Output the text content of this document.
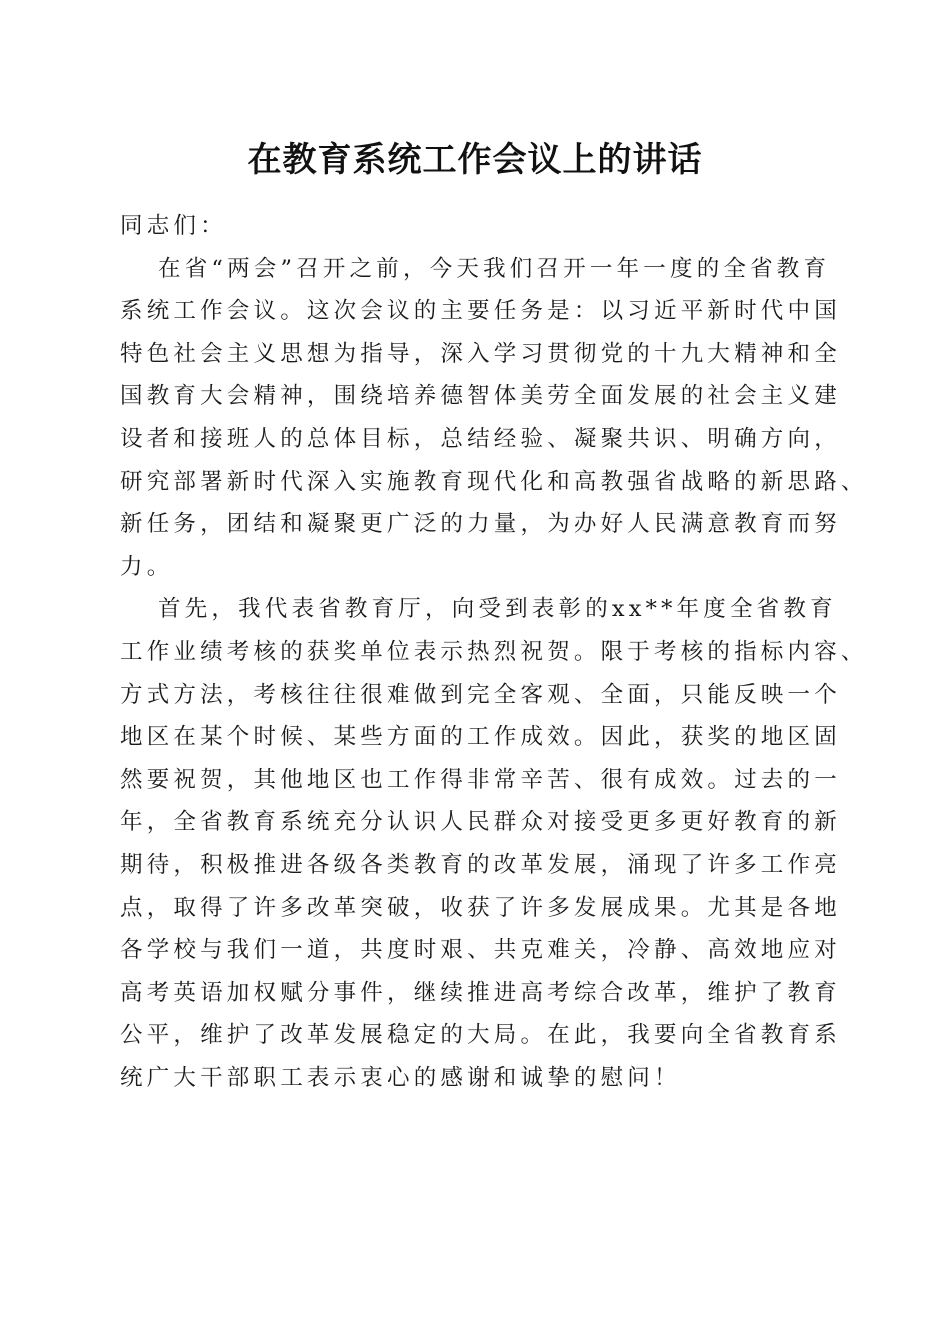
在教育系统工作会议上的讲话

同志们：

在省“两会”召开之前，今天我们召开一年一度的全省教育
系统工作会议。这次会议的主要任务是：以习近平新时代中国
特色社会主义思想为指导，深入学习贯彻党的十九大精神和全
国教育大会精神，围绕培养德智体美劳全面发展的社会主义建
设者和接班人的总体目标，总结经验、凝聚共识、明确方向，
研究部署新时代深入实施教育现代化和高教强省战略的新思路、
新任务，团结和凝聚更广泛的力量，为办好人民满意教育而努
力。
首先，我代表省教育厅，向受到表彰的xx**年度全省教育
工作业绩考核的获奖单位表示热烈祝贺。限于考核的指标内容、
方式方法，考核往往很难做到完全客观、全面，只能反映一个
地区在某个时候、某些方面的工作成效。因此，获奖的地区固
然要祝贺，其他地区也工作得非常辛苦、很有成效。过去的一
年，全省教育系统充分认识人民群众对接受更多更好教育的新
期待，积极推进各级各类教育的改革发展，涌现了许多工作亮
点，取得了许多改革突破，收获了许多发展成果。尤其是各地
各学校与我们一道，共度时艰、共克难关，冷静、高效地应对
高考英语加权赋分事件，继续推进高考综合改革，维护了教育
公平，维护了改革发展稳定的大局。在此，我要向全省教育系
统广大干部职工表示衷心的感谢和诚挚的慰问！
